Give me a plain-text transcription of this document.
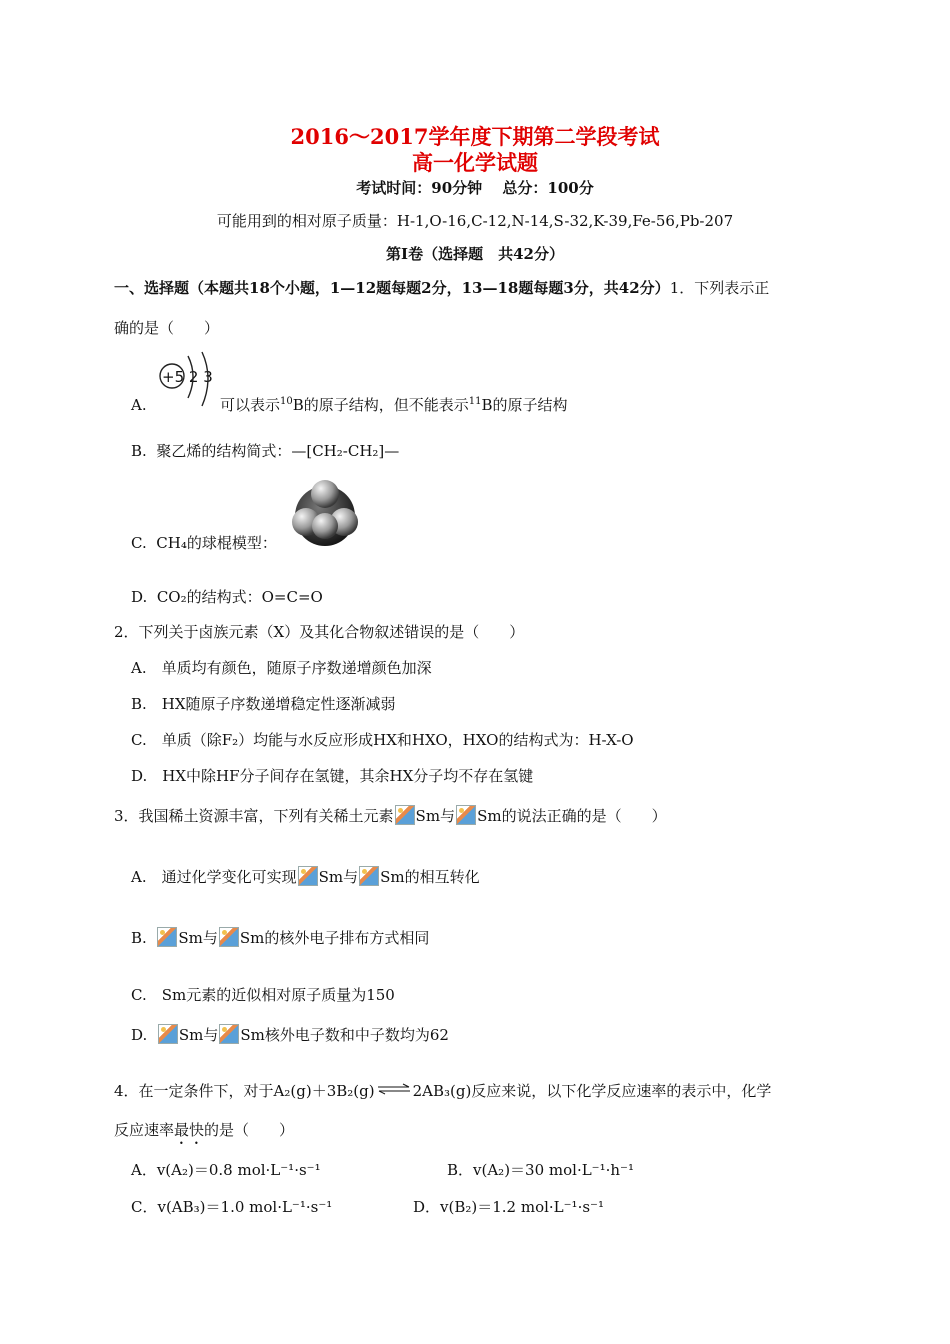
2016～2017学年度下期第二学段考试
高一化学试题
考试时间：90分钟　 总分：100分
可能用到的相对原子质量：H-1,O-16,C-12,N-14,S-32,K-39,Fe-56,Pb-207
第Ⅰ卷（选择题　共42分）
一、选择题（本题共18个小题，1—12题每题2分，13—18题每题3分，共42分）1．下列表示正
确的是（　　）
A.
+5 2 3
可以表示$^{10}$B的原子结构，但不能表示$^{11}$B的原子结构
B. 聚乙烯的结构简式：—[CH₂-CH₂]—
C. CH₄的球棍模型：
D. CO₂的结构式：O=C=O
2．下列关于卤族元素（X）及其化合物叙述错误的是（　　）
A.　单质均有颜色，随原子序数递增颜色加深
B.　HX随原子序数递增稳定性逐渐减弱
C.　单质（除F₂）均能与水反应形成HX和HXO，HXO的结构式为：H-X-O
D.　HX中除HF分子间存在氢键，其余HX分子均不存在氢键
3．我国稀土资源丰富，下列有关稀土元素 Sm与 Sm的说法正确的是（　　）
A.　通过化学变化可实现 Sm与 Sm的相互转化
B. Sm与 Sm的核外电子排布方式相同
C.　Sm元素的近似相对原子质量为150
D. Sm与 Sm核外电子数和中子数均为62
4．在一定条件下，对于A₂(g)＋3B₂(g) ⇌ 2AB₃(g)反应来说，以下化学反应速率的表示中，化学
反应速率最快的是（　　）
A．v(A₂)＝0.8 mol·L⁻¹·s⁻¹	B．v(A₂)＝30 mol·L⁻¹·h⁻¹
C．v(AB₃)＝1.0 mol·L⁻¹·s⁻¹	D．v(B₂)＝1.2 mol·L⁻¹·s⁻¹
